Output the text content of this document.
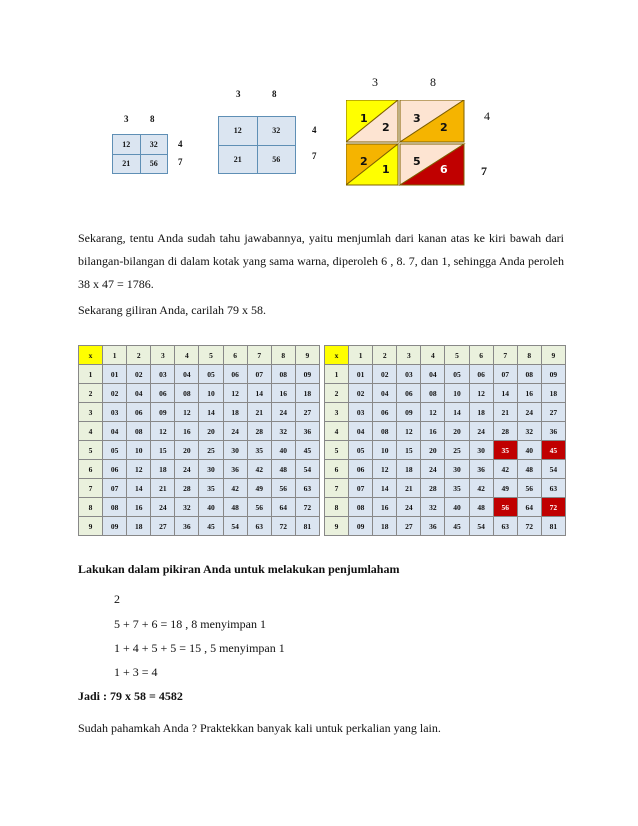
3 8
12	32
21	56
4
7
3	8
12	32
21	56
4
7
3	8
1
2
3
2
2
1
5
6
4
7

Sekarang, tentu Anda sudah tahu jawabannya, yaitu menjumlah dari kanan atas ke kiri bawah dari bilangan-bilangan di dalam kotak yang sama warna, diperoleh 6 , 8. 7, dan 1, sehingga Anda peroleh 38 x 47 = 1786.

Sekarang giliran Anda, carilah 79 x 58.

x	1	2	3	4	5	6	7	8	9
1	01	02	03	04	05	06	07	08	09
2	02	04	06	08	10	12	14	16	18
3	03	06	09	12	14	18	21	24	27
4	04	08	12	16	20	24	28	32	36
5	05	10	15	20	25	30	35	40	45
6	06	12	18	24	30	36	42	48	54
7	07	14	21	28	35	42	49	56	63
8	08	16	24	32	40	48	56	64	72
9	09	18	27	36	45	54	63	72	81
x	1	2	3	4	5	6	7	8	9
1	01	02	03	04	05	06	07	08	09
2	02	04	06	08	10	12	14	16	18
3	03	06	09	12	14	18	21	24	27
4	04	08	12	16	20	24	28	32	36
5	05	10	15	20	25	30	35	40	45
6	06	12	18	24	30	36	42	48	54
7	07	14	21	28	35	42	49	56	63
8	08	16	24	32	40	48	56	64	72
9	09	18	27	36	45	54	63	72	81
Lakukan dalam pikiran Anda untuk melakukan penjumlaham
2
5 + 7 + 6 = 18 , 8 menyimpan 1
1 + 4 + 5 + 5 = 15 , 5 menyimpan 1
1 + 3 = 4
Jadi : 79 x 58 = 4582
Sudah pahamkah Anda ? Praktekkan banyak kali untuk perkalian yang lain.
